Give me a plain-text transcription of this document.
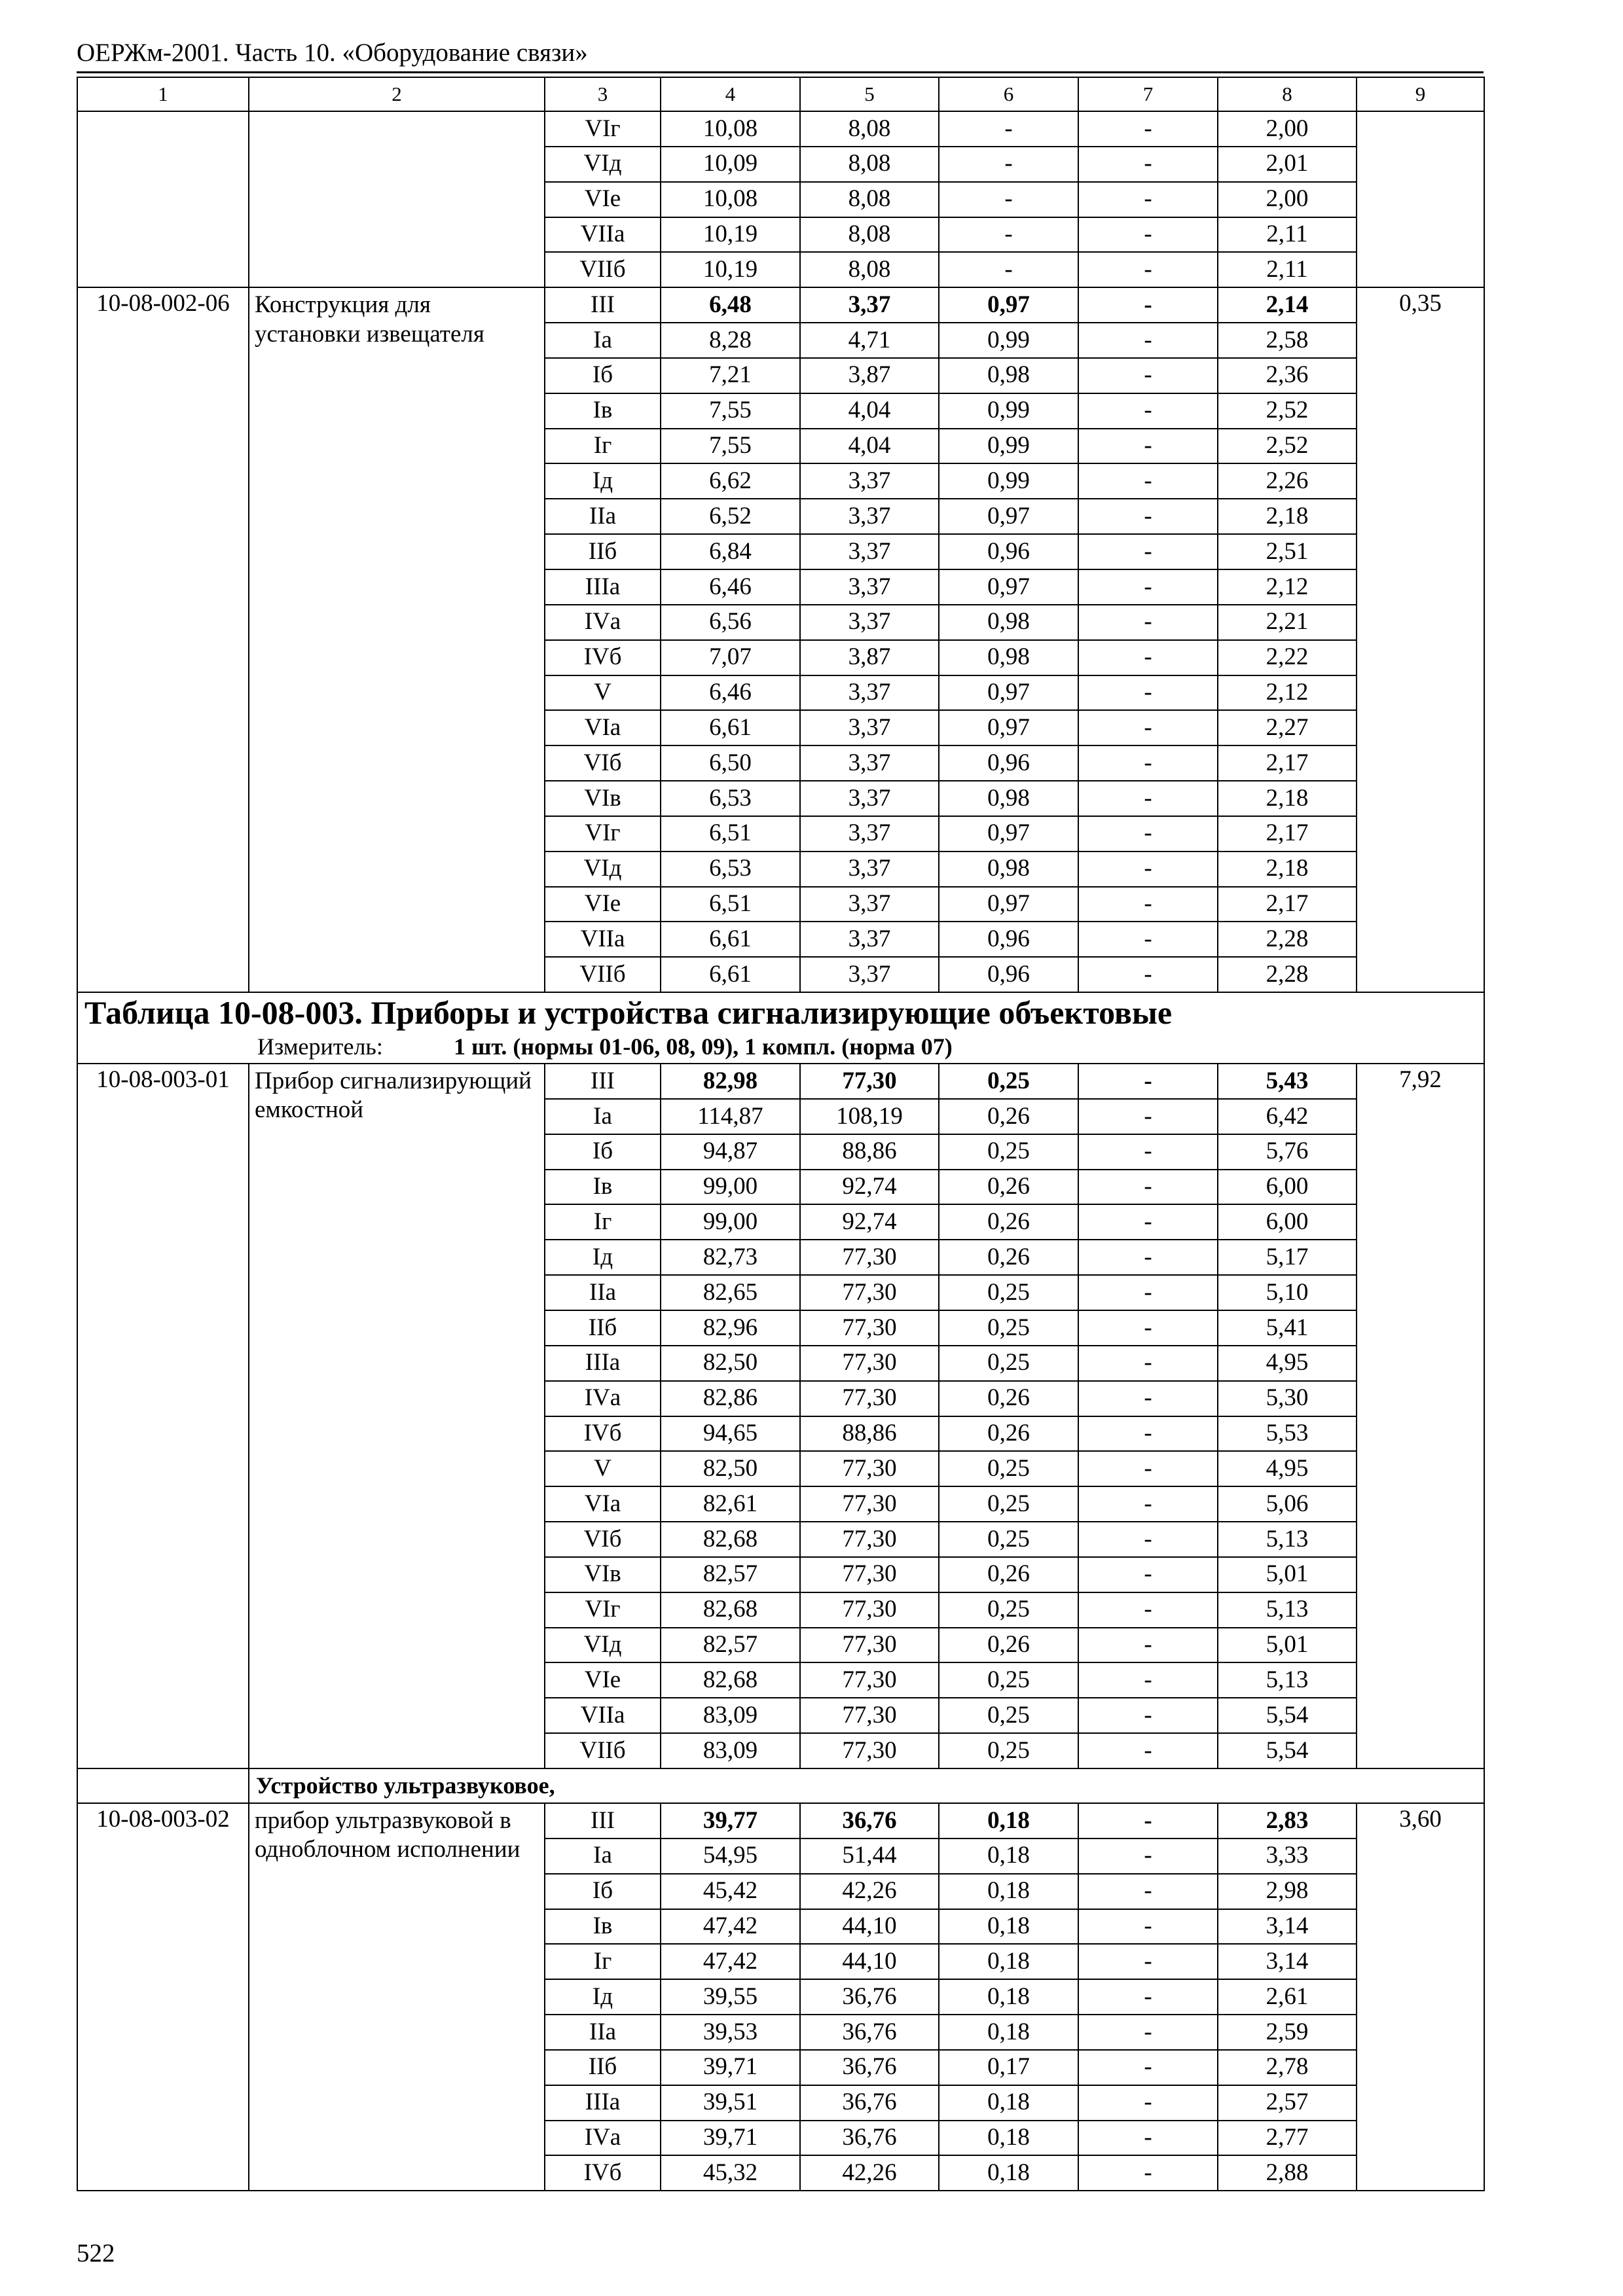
ОЕРЖм-2001. Часть 10. «Оборудование связи»
1	2	3	4	5	6	7	8	9
		VIг	10,08	8,08	-	-	2,00	
		VIд	10,09	8,08	-	-	2,01	
		VIе	10,08	8,08	-	-	2,00	
		VIIа	10,19	8,08	-	-	2,11	
		VIIб	10,19	8,08	-	-	2,11	
10-08-002-06	Конструкция для установки извещателя	III	6,48	3,37	0,97	-	2,14	0,35
		Iа	8,28	4,71	0,99	-	2,58	
		Iб	7,21	3,87	0,98	-	2,36	
		Iв	7,55	4,04	0,99	-	2,52	
		Iг	7,55	4,04	0,99	-	2,52	
		Iд	6,62	3,37	0,99	-	2,26	
		IIа	6,52	3,37	0,97	-	2,18	
		IIб	6,84	3,37	0,96	-	2,51	
		IIIа	6,46	3,37	0,97	-	2,12	
		IVа	6,56	3,37	0,98	-	2,21	
		IVб	7,07	3,87	0,98	-	2,22	
		V	6,46	3,37	0,97	-	2,12	
		VIа	6,61	3,37	0,97	-	2,27	
		VIб	6,50	3,37	0,96	-	2,17	
		VIв	6,53	3,37	0,98	-	2,18	
		VIг	6,51	3,37	0,97	-	2,17	
		VIд	6,53	3,37	0,98	-	2,18	
		VIе	6,51	3,37	0,97	-	2,17	
		VIIа	6,61	3,37	0,96	-	2,28	
		VIIб	6,61	3,37	0,96	-	2,28	

Таблица 10-08-003. Приборы и устройства сигнализирующие объектовые
Измеритель: 1 шт. (нормы 01-06, 08, 09), 1 компл. (норма 07)								

10-08-003-01	Прибор сигнализирующий емкостной	III	82,98	77,30	0,25	-	5,43	7,92
		Iа	114,87	108,19	0,26	-	6,42	
		Iб	94,87	88,86	0,25	-	5,76	
		Iв	99,00	92,74	0,26	-	6,00	
		Iг	99,00	92,74	0,26	-	6,00	
		Iд	82,73	77,30	0,26	-	5,17	
		IIа	82,65	77,30	0,25	-	5,10	
		IIб	82,96	77,30	0,25	-	5,41	
		IIIа	82,50	77,30	0,25	-	4,95	
		IVа	82,86	77,30	0,26	-	5,30	
		IVб	94,65	88,86	0,26	-	5,53	
		V	82,50	77,30	0,25	-	4,95	
		VIа	82,61	77,30	0,25	-	5,06	
		VIб	82,68	77,30	0,25	-	5,13	
		VIв	82,57	77,30	0,26	-	5,01	
		VIг	82,68	77,30	0,25	-	5,13	
		VIд	82,57	77,30	0,26	-	5,01	
		VIе	82,68	77,30	0,25	-	5,13	
		VIIа	83,09	77,30	0,25	-	5,54	
		VIIб	83,09	77,30	0,25	-	5,54	
	Устройство ультразвуковое,							
10-08-003-02	прибор ультразвуковой в одноблочном исполнении	III	39,77	36,76	0,18	-	2,83	3,60
		Iа	54,95	51,44	0,18	-	3,33	
		Iб	45,42	42,26	0,18	-	2,98	
		Iв	47,42	44,10	0,18	-	3,14	
		Iг	47,42	44,10	0,18	-	3,14	
		Iд	39,55	36,76	0,18	-	2,61	
		IIа	39,53	36,76	0,18	-	2,59	
		IIб	39,71	36,76	0,17	-	2,78	
		IIIа	39,51	36,76	0,18	-	2,57	
		IVа	39,71	36,76	0,18	-	2,77	
		IVб	45,32	42,26	0,18	-	2,88	
522
